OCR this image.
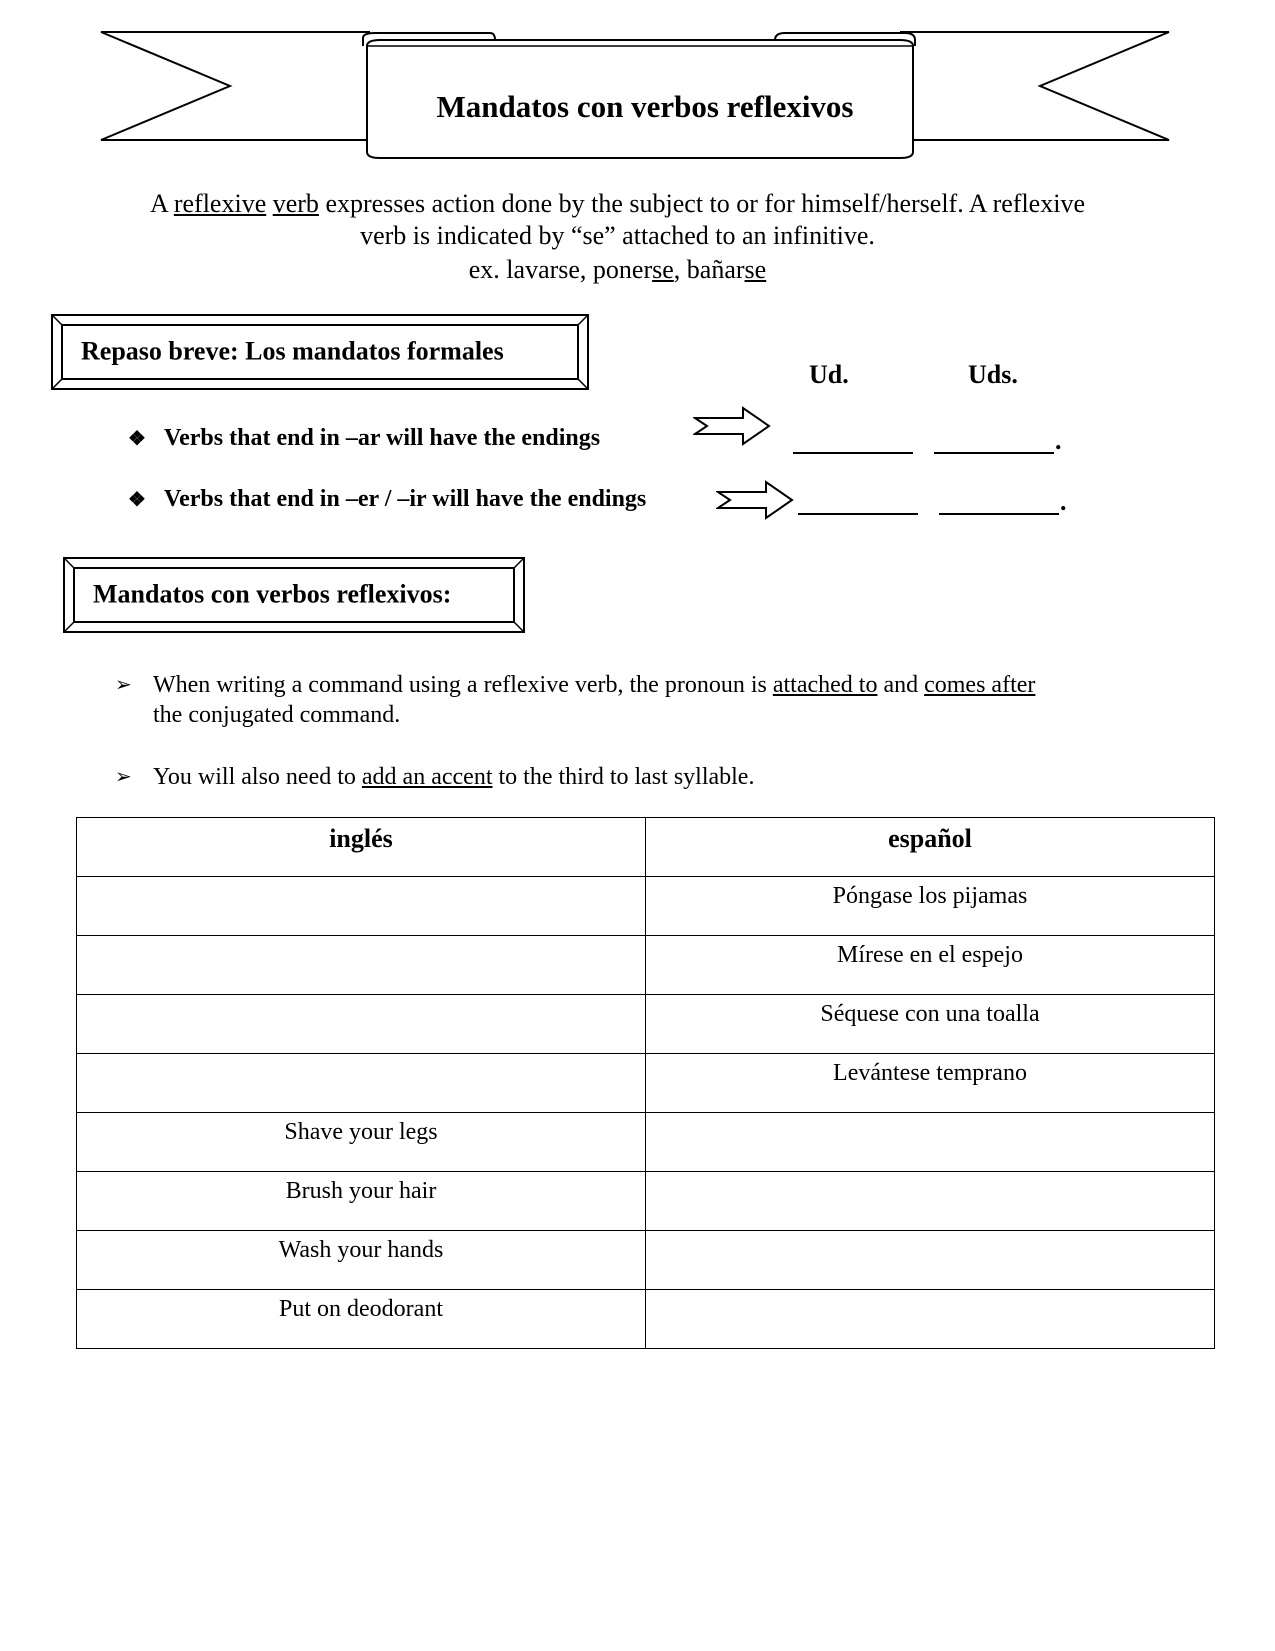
Mandatos con verbos reflexivos
A reflexive verb expresses action done by the subject to or for himself/herself. A reflexive
verb is indicated by “se” attached to an infinitive.
ex. lavarse, ponerse, bañarse
Repaso breve: Los mandatos formales
Ud.	Uds.
❖ Verbs that end in –ar will have the endings	.
❖ Verbs that end in –er / –ir will have the endings	.
Mandatos con verbos reflexivos:
➢ When writing a command using a reflexive verb, the pronoun is attached to and comes after
the conjugated command.
➢ You will also need to add an accent to the third to last syllable.
inglés	español

	Póngase los pijamas

	Mírese en el espejo

	Séquese con una toalla

	Levántese temprano

Shave your legs	

Brush your hair	

Wash your hands	

Put on deodorant	
